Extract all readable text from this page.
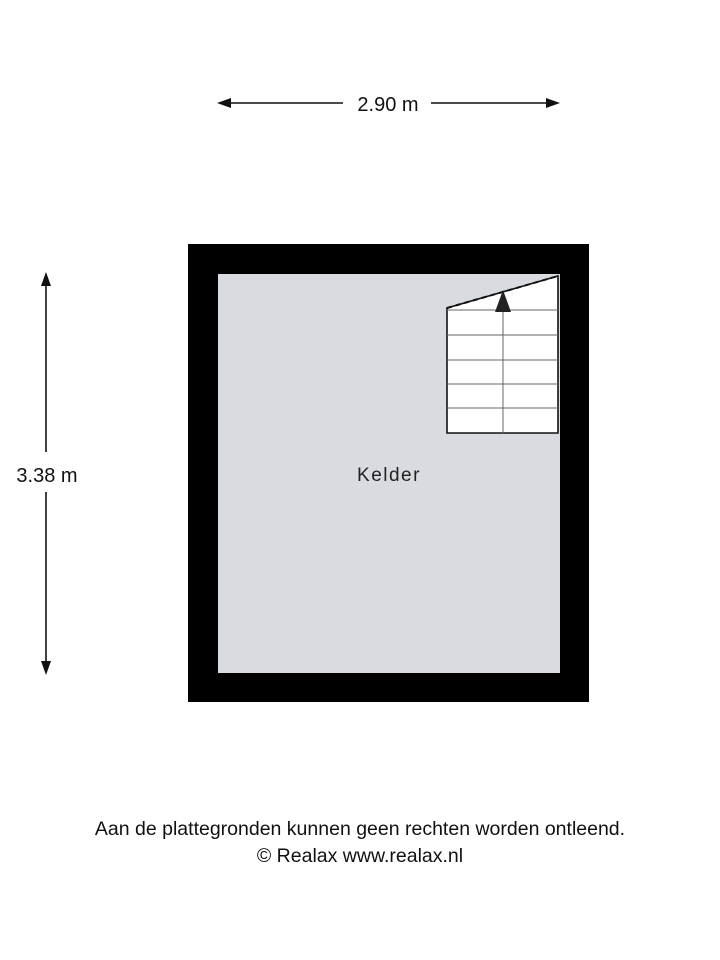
2.90 m
3.38 m	Kelder
Aan de plattegronden kunnen geen rechten worden ontleend.
© Realax www.realax.nl
